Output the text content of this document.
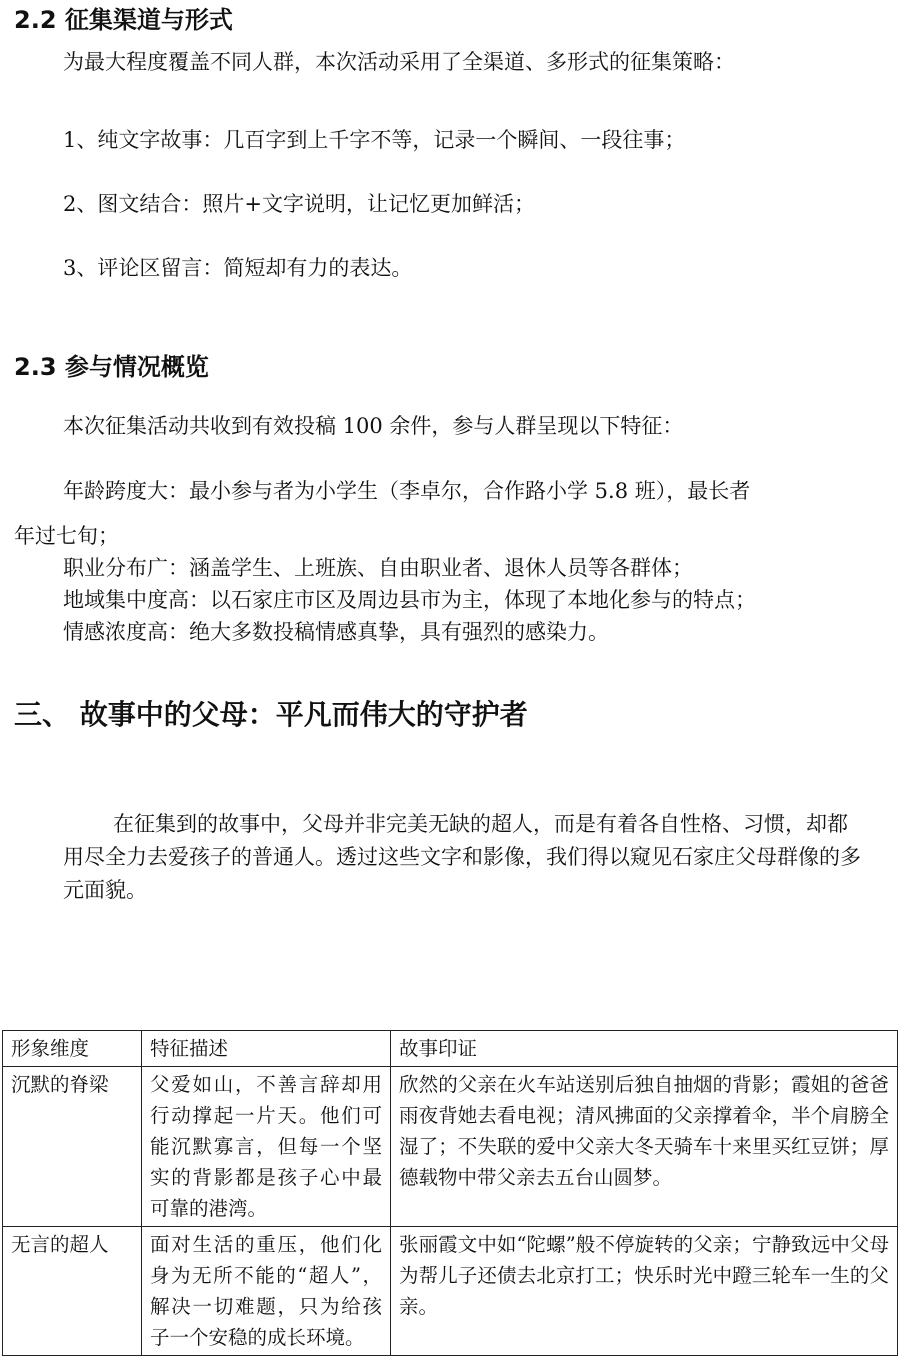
2.2 征集渠道与形式
为最大程度覆盖不同人群，本次活动采用了全渠道、多形式的征集策略：
1、纯文字故事：几百字到上千字不等，记录一个瞬间、一段往事；
2、图文结合：照片+文字说明，让记忆更加鲜活；
3、评论区留言：简短却有力的表达。
2.3 参与情况概览
本次征集活动共收到有效投稿 100 余件，参与人群呈现以下特征：
年龄跨度大：最小参与者为小学生（李卓尔，合作路小学 5.8 班），最长者
年过七旬；
职业分布广：涵盖学生、上班族、自由职业者、退休人员等各群体；
地域集中度高：以石家庄市区及周边县市为主，体现了本地化参与的特点；
情感浓度高：绝大多数投稿情感真挚，具有强烈的感染力。
三、 故事中的父母：平凡而伟大的守护者
在征集到的故事中，父母并非完美无缺的超人，而是有着各自性格、习惯，却都用尽全力去爱孩子的普通人。透过这些文字和影像，我们得以窥见石家庄父母群像的多元面貌。
形象维度	特征描述	故事印证
沉默的脊梁	父爱如山，不善言辞却用行动撑起一片天。他们可能沉默寡言，但每一个坚实的背影都是孩子心中最可靠的港湾。	欣然的父亲在火车站送别后独自抽烟的背影；霞姐的爸爸雨夜背她去看电视；清风拂面的父亲撑着伞，半个肩膀全湿了；不失联的爱中父亲大冬天骑车十来里买红豆饼；厚德载物中带父亲去五台山圆梦。
无言的超人	面对生活的重压，他们化身为无所不能的“超人”，解决一切难题，只为给孩子一个安稳的成长环境。	张丽霞文中如“陀螺”般不停旋转的父亲；宁静致远中父母为帮儿子还债去北京打工；快乐时光中蹬三轮车一生的父亲。
